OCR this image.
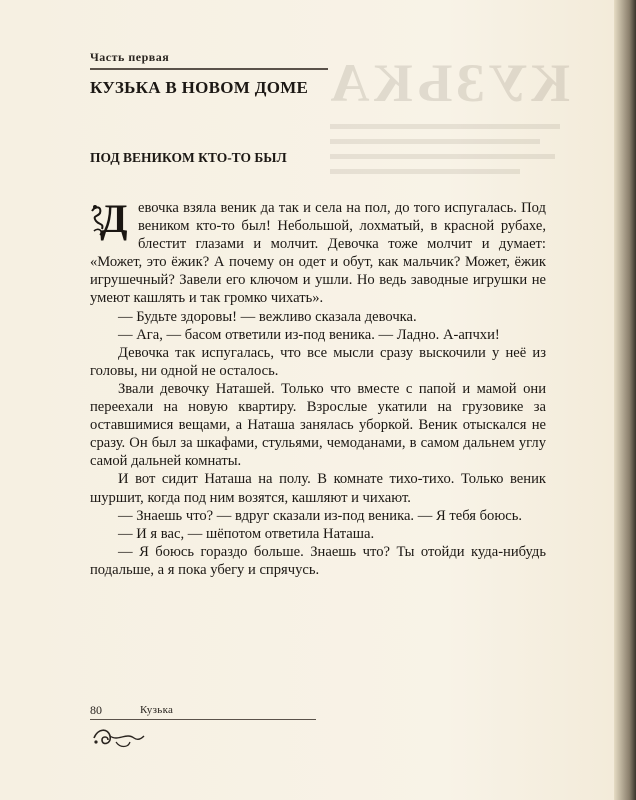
КУЗЬКА
Часть первая
КУЗЬКА В НОВОМ ДОМЕ
ПОД ВЕНИКОМ КТО-ТО БЫЛ

Д евочка взяла веник да так и села на пол, до того испугалась. Под веником кто-то был! Небольшой, лохматый, в красной рубахе, блестит глазами и молчит. Девочка тоже молчит и думает: «Может, это ёжик? А почему он одет и обут, как мальчик? Может, ёжик игрушечный? Завели его ключом и ушли. Но ведь заводные игрушки не умеют кашлять и так громко чихать».

— Будьте здоровы! — вежливо сказала девочка.

— Ага, — басом ответили из-под веника. — Ладно. А-апчхи!

Девочка так испугалась, что все мысли сразу выскочили у неё из головы, ни одной не осталось.

Звали девочку Наташей. Только что вместе с папой и мамой они переехали на новую квартиру. Взрослые укатили на грузовике за оставшимися вещами, а Наташа занялась уборкой. Веник отыскался не сразу. Он был за шкафами, стульями, чемоданами, в самом дальнем углу самой дальней комнаты.

И вот сидит Наташа на полу. В комнате тихо-тихо. Только веник шуршит, когда под ним возятся, кашляют и чихают.

— Знаешь что? — вдруг сказали из-под веника. — Я тебя боюсь.

— И я вас, — шёпотом ответила Наташа.

— Я боюсь гораздо больше. Знаешь что? Ты отойди куда-нибудь подальше, а я пока убегу и спрячусь.

80	Кузька
